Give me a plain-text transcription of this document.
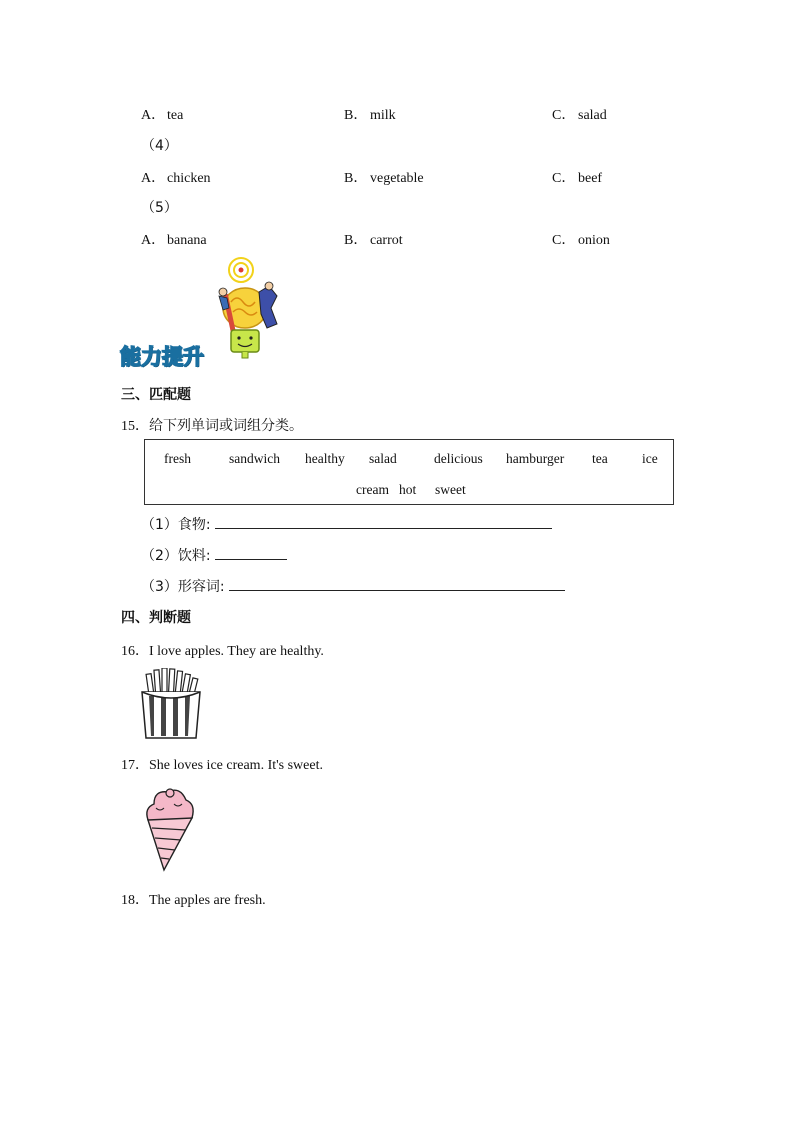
A． tea	B． milk	C． salad
（4）
A． chicken	B． vegetable	C． beef
（5）
A． banana	B． carrot	C． onion
能力提升
三、匹配题
15．给下列单词或词组分类。
fresh	sandwich healthy salad	delicious hamburger tea	ice
cream hot sweet
（1）食物:
（2）饮料:
（3）形容词:
四、判断题
16．I love apples. They are healthy.
17．She loves ice cream. It's sweet.
18．The apples are fresh.
